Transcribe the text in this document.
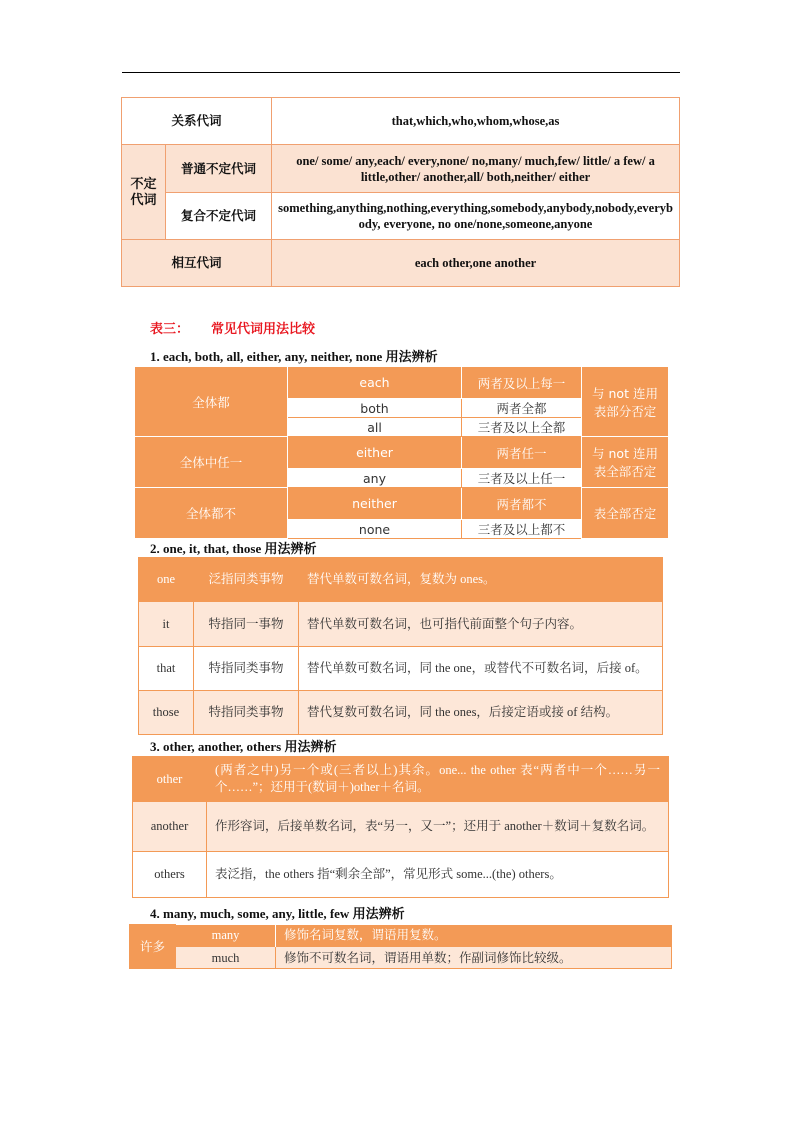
关系代词		that,which,who,whom,whose,as
不定
代词	普通不定代词	one/ some/ any,each/ every,none/ no,many/ much,few/ little/ a few/ a little,other/ another,all/ both,neither/ either
	复合不定代词	something,anything,nothing,everything,somebody,anybody,nobody,everybody, everyone, no one/none,someone,anyone
相互代词		each other,one another
表三： 常见代词用法比较
1. each, both, all, either, any, neither, none 用法辨析
全体都	each	两者及以上每一	与 not 连用表部分否定
	both	两者全都	
	all	三者及以上全都	
全体中任一	either	两者任一	与 not 连用表全部否定
	any	三者及以上任一	
全体都不	neither	两者都不	表全部否定
	none	三者及以上都不	
2. one, it, that, those 用法辨析
one	泛指同类事物	替代单数可数名词，复数为 ones。
it	特指同一事物	替代单数可数名词，也可指代前面整个句子内容。
that	特指同类事物	替代单数可数名词，同 the one，或替代不可数名词，后接 of。
those	特指同类事物	替代复数可数名词，同 the ones，后接定语或接 of 结构。
3. other, another, others 用法辨析
other	(两者之中)另一个或(三者以上)其余。one... the other 表“两者中一个……另一个……”；还用于(数词＋)other＋名词。
another	作形容词，后接单数名词，表“另一，又一”；还用于 another＋数词＋复数名词。
others	表泛指，the others 指“剩余全部”，常见形式 some...(the) others。
4. many, much, some, any, little, few 用法辨析
许多	many	修饰名词复数，谓语用复数。
	much	修饰不可数名词，谓语用单数；作副词修饰比较级。
